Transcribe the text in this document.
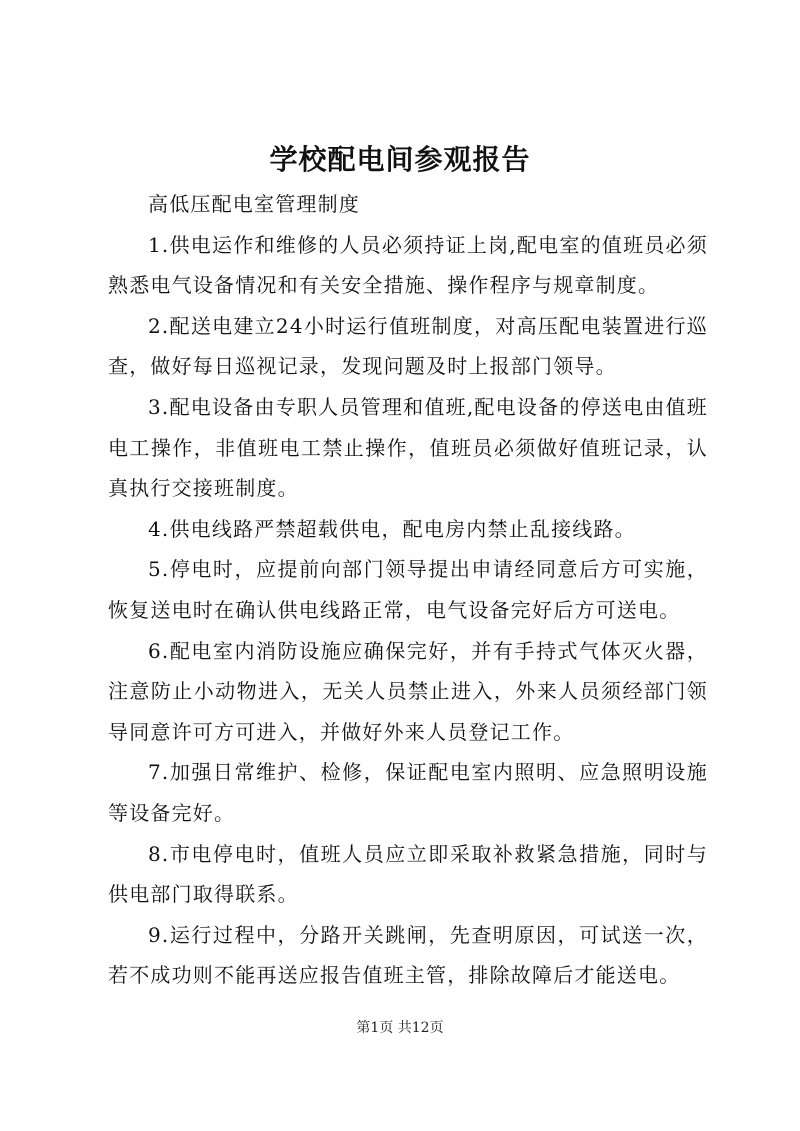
学校配电间参观报告

高低压配电室管理制度

1.供电运作和维修的人员必须持证上岗,配电室的值班员必须熟悉电气设备情况和有关安全措施、操作程序与规章制度。

2.配送电建立24小时运行值班制度，对高压配电装置进行巡查，做好每日巡视记录，发现问题及时上报部门领导。

3.配电设备由专职人员管理和值班,配电设备的停送电由值班电工操作，非值班电工禁止操作，值班员必须做好值班记录，认真执行交接班制度。

4.供电线路严禁超载供电，配电房内禁止乱接线路。

5.停电时，应提前向部门领导提出申请经同意后方可实施，恢复送电时在确认供电线路正常，电气设备完好后方可送电。

6.配电室内消防设施应确保完好，并有手持式气体灭火器，注意防止小动物进入，无关人员禁止进入，外来人员须经部门领导同意许可方可进入，并做好外来人员登记工作。

7.加强日常维护、检修，保证配电室内照明、应急照明设施等设备完好。

8.市电停电时，值班人员应立即采取补救紧急措施，同时与供电部门取得联系。

9.运行过程中，分路开关跳闸，先查明原因，可试送一次，若不成功则不能再送应报告值班主管，排除故障后才能送电。

第1页 共12页
